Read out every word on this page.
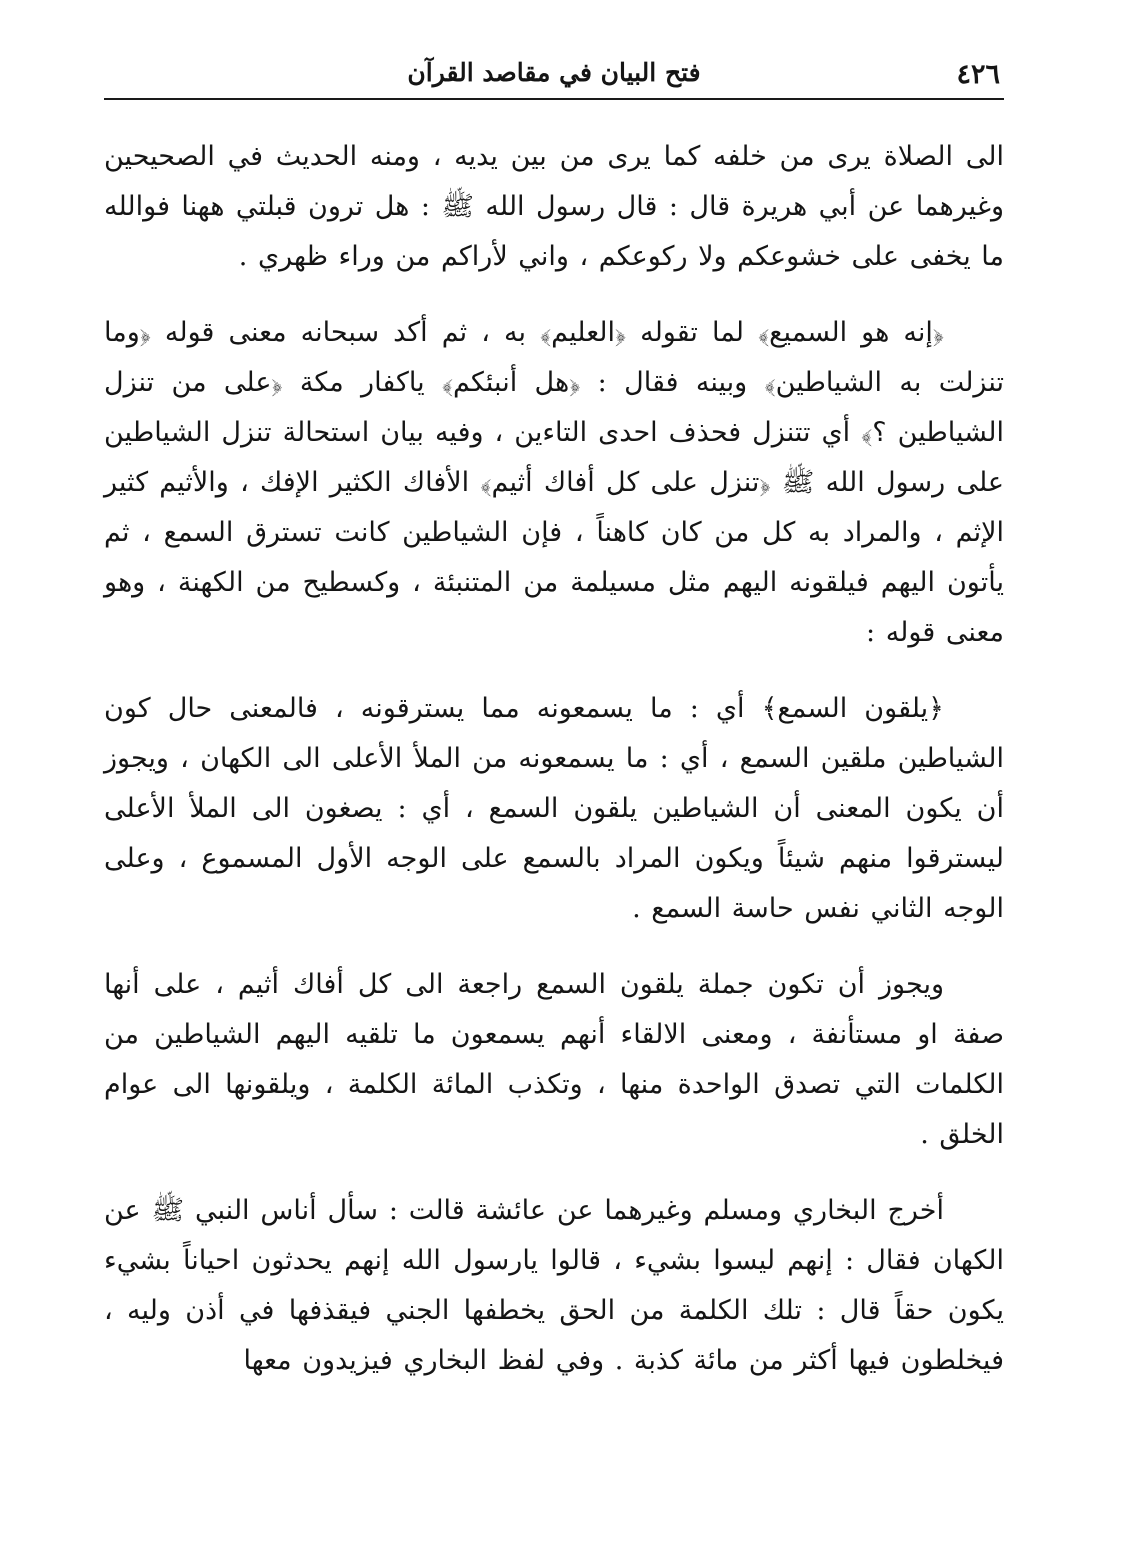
٤٢٦
فتح البيان في مقاصد القرآن

الى الصلاة يرى من خلفه كما يرى من بين يديه ، ومنه الحديث في الصحيحين وغيرهما عن أبي هريرة قال : قال رسول الله ﷺ : هل ترون قبلتي ههنا فوالله ما يخفى على خشوعكم ولا ركوعكم ، واني لأراكم من وراء ظهري .

﴿إنه هو السميع﴾ لما تقوله ﴿العليم﴾ به ، ثم أكد سبحانه معنى قوله ﴿وما تنزلت به الشياطين﴾ وبينه فقال : ﴿هل أنبئكم﴾ ياكفار مكة ﴿على من تنزل الشياطين ؟﴾ أي تتنزل فحذف احدى التاءين ، وفيه بيان استحالة تنزل الشياطين على رسول الله ﷺ ﴿تنزل على كل أفاك أثيم﴾ الأفاك الكثير الإفك ، والأثيم كثير الإثم ، والمراد به كل من كان كاهناً ، فإن الشياطين كانت تسترق السمع ، ثم يأتون اليهم فيلقونه اليهم مثل مسيلمة من المتنبئة ، وكسطيح من الكهنة ، وهو معنى قوله :

﴿يلقون السمع﴾ أي : ما يسمعونه مما يسترقونه ، فالمعنى حال كون الشياطين ملقين السمع ، أي : ما يسمعونه من الملأ الأعلى الى الكهان ، ويجوز أن يكون المعنى أن الشياطين يلقون السمع ، أي : يصغون الى الملأ الأعلى ليسترقوا منهم شيئاً ويكون المراد بالسمع على الوجه الأول المسموع ، وعلى الوجه الثاني نفس حاسة السمع .

ويجوز أن تكون جملة يلقون السمع راجعة الى كل أفاك أثيم ، على أنها صفة او مستأنفة ، ومعنى الالقاء أنهم يسمعون ما تلقيه اليهم الشياطين من الكلمات التي تصدق الواحدة منها ، وتكذب المائة الكلمة ، ويلقونها الى عوام الخلق .

أخرج البخاري ومسلم وغيرهما عن عائشة قالت : سأل أناس النبي ﷺ عن الكهان فقال : إنهم ليسوا بشيء ، قالوا يارسول الله إنهم يحدثون احياناً بشيء يكون حقاً قال : تلك الكلمة من الحق يخطفها الجني فيقذفها في أذن وليه ، فيخلطون فيها أكثر من مائة كذبة . وفي لفظ البخاري فيزيدون معها
